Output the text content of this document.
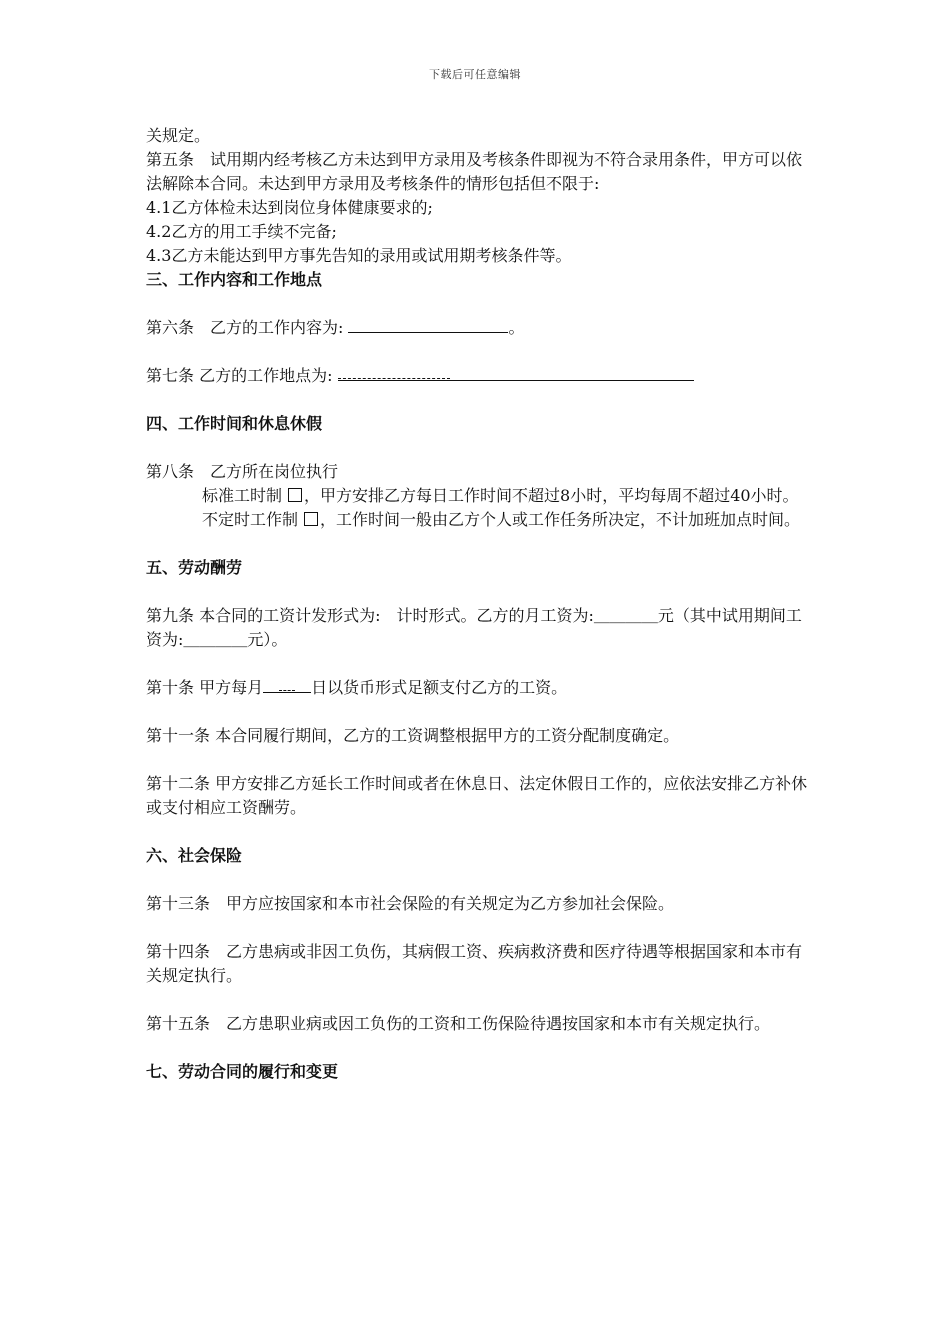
下载后可任意编辑

关规定。

第五条　试用期内经考核乙方未达到甲方录用及考核条件即视为不符合录用条件，甲方可以依法解除本合同。未达到甲方录用及考核条件的情形包括但不限于:

4.1乙方体检未达到岗位身体健康要求的;

4.2乙方的用工手续不完备;

4.3乙方未能达到甲方事先告知的录用或试用期考核条件等。

三、工作内容和工作地点

第六条　乙方的工作内容为:	。

第七条 乙方的工作地点为:

四、工作时间和休息休假

第八条　乙方所在岗位执行

标准工时制 ，甲方安排乙方每日工作时间不超过8小时，平均每周不超过40小时。

不定时工作制 ，工作时间一般由乙方个人或工作任务所决定，不计加班加点时间。

五、劳动酬劳

第九条 本合同的工资计发形式为:　计时形式。乙方的月工资为:＿＿＿＿元（其中试用期间工资为:＿＿＿＿元）。

第十条 甲方每月	日以货币形式足额支付乙方的工资。

第十一条 本合同履行期间，乙方的工资调整根据甲方的工资分配制度确定。

第十二条 甲方安排乙方延长工作时间或者在休息日、法定休假日工作的，应依法安排乙方补休或支付相应工资酬劳。

六、社会保险

第十三条　甲方应按国家和本市社会保险的有关规定为乙方参加社会保险。

第十四条　乙方患病或非因工负伤，其病假工资、疾病救济费和医疗待遇等根据国家和本市有关规定执行。

第十五条　乙方患职业病或因工负伤的工资和工伤保险待遇按国家和本市有关规定执行。

七、劳动合同的履行和变更
